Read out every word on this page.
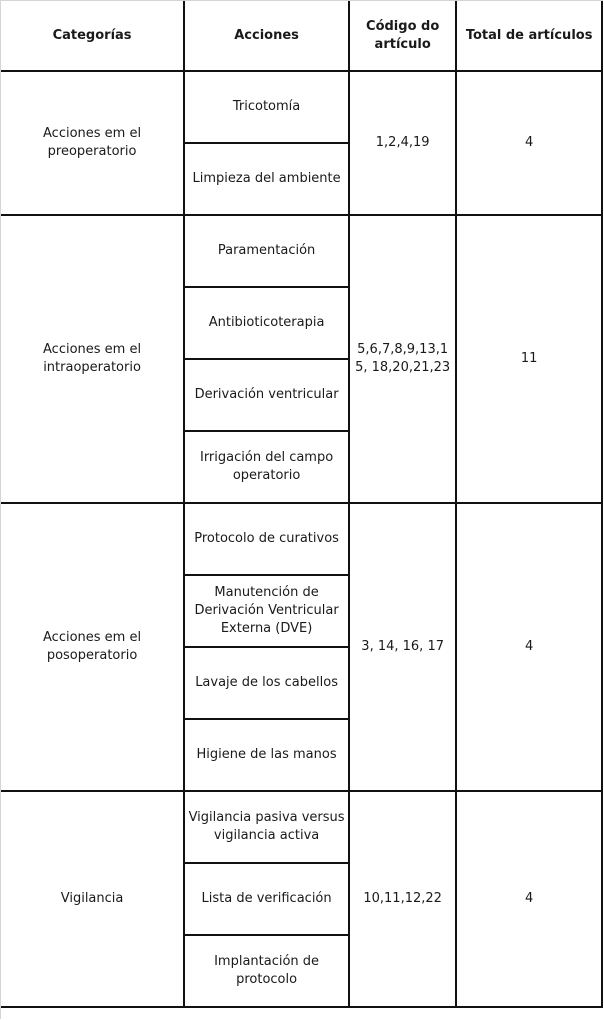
Categorías	Acciones	Código do artículo	Total de artículos
Acciones em el preoperatorio	Tricotomía	1,2,4,19	4
	Limpieza del ambiente		
Acciones em el intraoperatorio	Paramentación	5,6,7,8,9,13,15, 18,20,21,23	11
	Antibioticoterapia		
	Derivación ventricular		
	Irrigación del campo operatorio		
Acciones em el posoperatorio	Protocolo de curativos	3, 14, 16, 17	4
	Manutención de Derivación Ventricular Externa (DVE)		
	Lavaje de los cabellos		
	Higiene de las manos		
Vigilancia	Vigilancia pasiva versus vigilancia activa	10,11,12,22	4
	Lista de verificación		
	Implantación de protocolo		
